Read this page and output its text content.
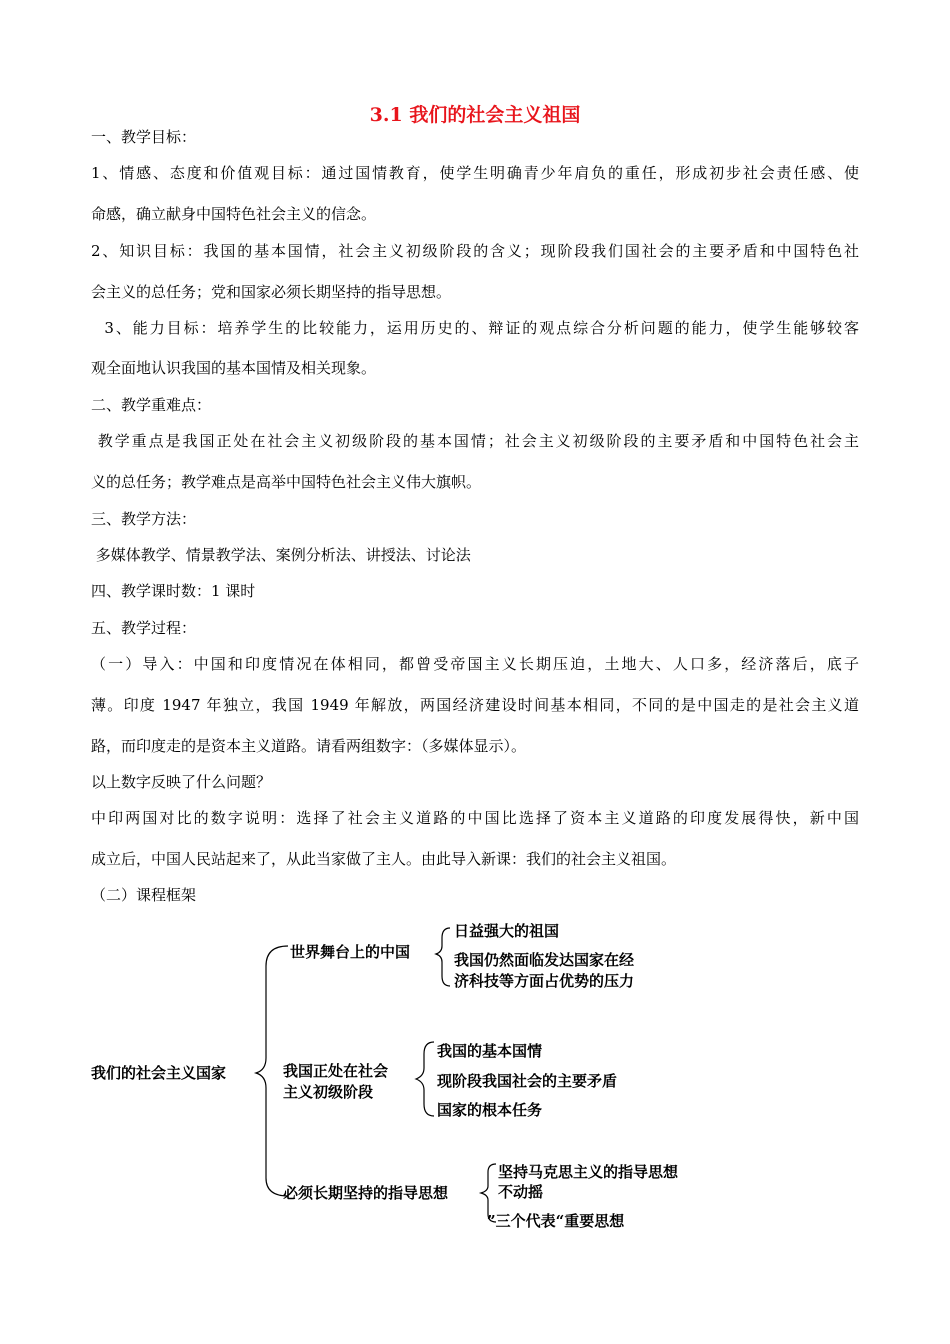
3.1 我们的社会主义祖国
一、教学目标：
1、情感、态度和价值观目标：通过国情教育，使学生明确青少年肩负的重任，形成初步社会责任感、使
命感，确立献身中国特色社会主义的信念。
2、知识目标：我国的基本国情，社会主义初级阶段的含义；现阶段我们国社会的主要矛盾和中国特色社
会主义的总任务；党和国家必须长期坚持的指导思想。
3、能力目标：培养学生的比较能力，运用历史的、辩证的观点综合分析问题的能力，使学生能够较客
观全面地认识我国的基本国情及相关现象。
二、教学重难点：
教学重点是我国正处在社会主义初级阶段的基本国情；社会主义初级阶段的主要矛盾和中国特色社会主
义的总任务；教学难点是高举中国特色社会主义伟大旗帜。
三、教学方法：
多媒体教学、情景教学法、案例分析法、讲授法、讨论法
四、教学课时数：1 课时
五、教学过程：
（一）导入：中国和印度情况在体相同，都曾受帝国主义长期压迫，土地大、人口多，经济落后，底子
薄。印度 1947 年独立，我国 1949 年解放，两国经济建设时间基本相同，不同的是中国走的是社会主义道
路，而印度走的是资本主义道路。请看两组数字：（多媒体显示）。
以上数字反映了什么问题？
中印两国对比的数字说明：选择了社会主义道路的中国比选择了资本主义道路的印度发展得快，新中国
成立后，中国人民站起来了，从此当家做了主人。由此导入新课：我们的社会主义祖国。
（二）课程框架
我们的社会主义国家
世界舞台上的中国
日益强大的祖国
我国仍然面临发达国家在经
济科技等方面占优势的压力
我国正处在社会
主义初级阶段
我国的基本国情
现阶段我国社会的主要矛盾
国家的根本任务
必须长期坚持的指导思想
坚持马克思主义的指导思想
不动摇
”三个代表“重要思想
